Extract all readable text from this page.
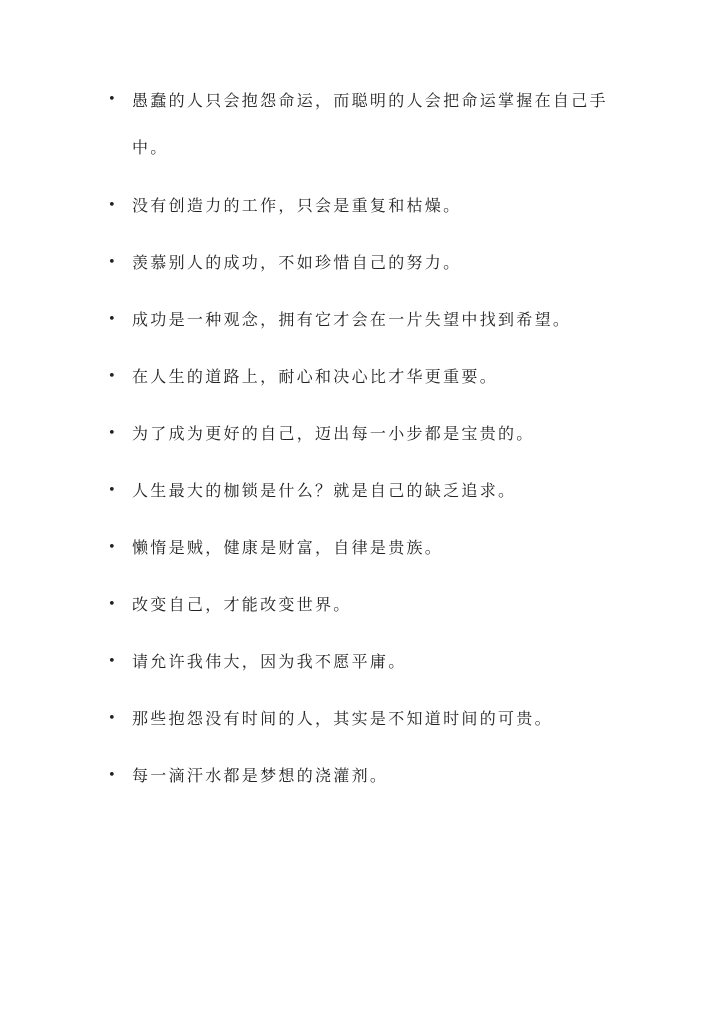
•	愚蠢的人只会抱怨命运，而聪明的人会把命运掌握在自己手中。
•	没有创造力的工作，只会是重复和枯燥。
•	羡慕别人的成功，不如珍惜自己的努力。
•	成功是一种观念，拥有它才会在一片失望中找到希望。
•	在人生的道路上，耐心和决心比才华更重要。
•	为了成为更好的自己，迈出每一小步都是宝贵的。
•	人生最大的枷锁是什么？就是自己的缺乏追求。
•	懒惰是贼，健康是财富，自律是贵族。
•	改变自己，才能改变世界。
•	请允许我伟大，因为我不愿平庸。
•	那些抱怨没有时间的人，其实是不知道时间的可贵。
•	每一滴汗水都是梦想的浇灌剂。
